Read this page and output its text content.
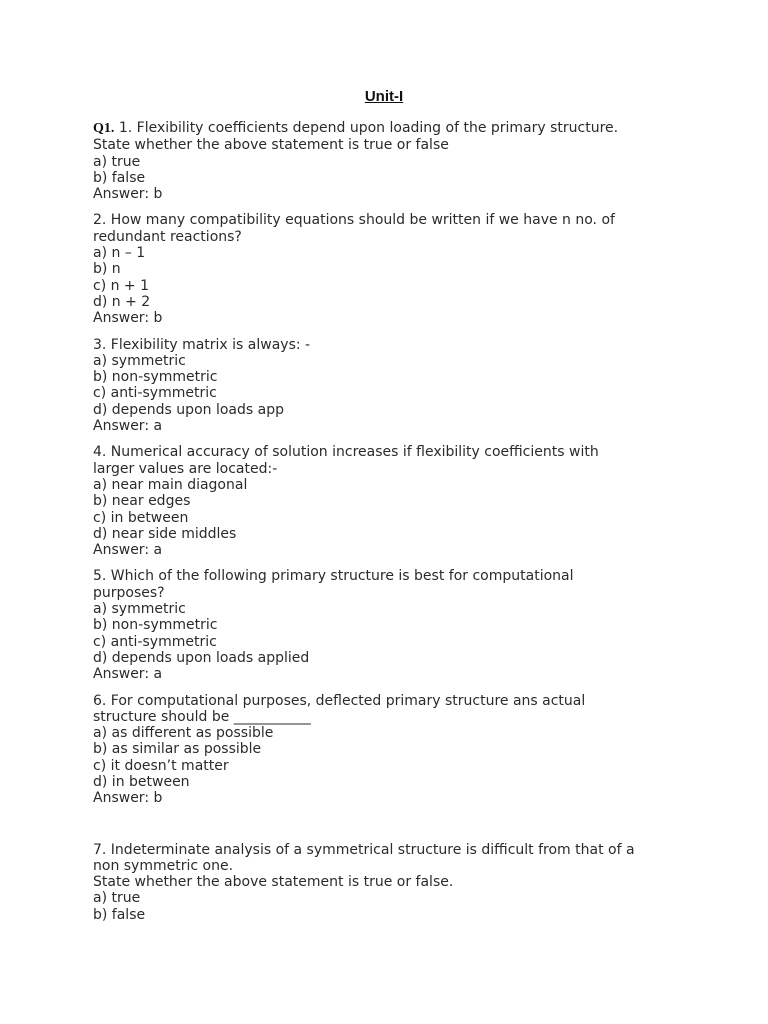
Unit-I
Q1. 1. Flexibility coefficients depend upon loading of the primary structure.
State whether the above statement is true or false
a) true
b) false
Answer: b
2. How many compatibility equations should be written if we have n no. of
redundant reactions?
a) n – 1
b) n
c) n + 1
d) n + 2
Answer: b
3. Flexibility matrix is always: -
a) symmetric
b) non-symmetric
c) anti-symmetric
d) depends upon loads app
Answer: a
4. Numerical accuracy of solution increases if flexibility coefficients with
larger values are located:-
a) near main diagonal
b) near edges
c) in between
d) near side middles
Answer: a
5. Which of the following primary structure is best for computational
purposes?
a) symmetric
b) non-symmetric
c) anti-symmetric
d) depends upon loads applied
Answer: a
6. For computational purposes, deflected primary structure ans actual
structure should be ___________
a) as different as possible
b) as similar as possible
c) it doesn’t matter
d) in between
Answer: b
7. Indeterminate analysis of a symmetrical structure is difficult from that of a
non symmetric one.
State whether the above statement is true or false.
a) true
b) false
